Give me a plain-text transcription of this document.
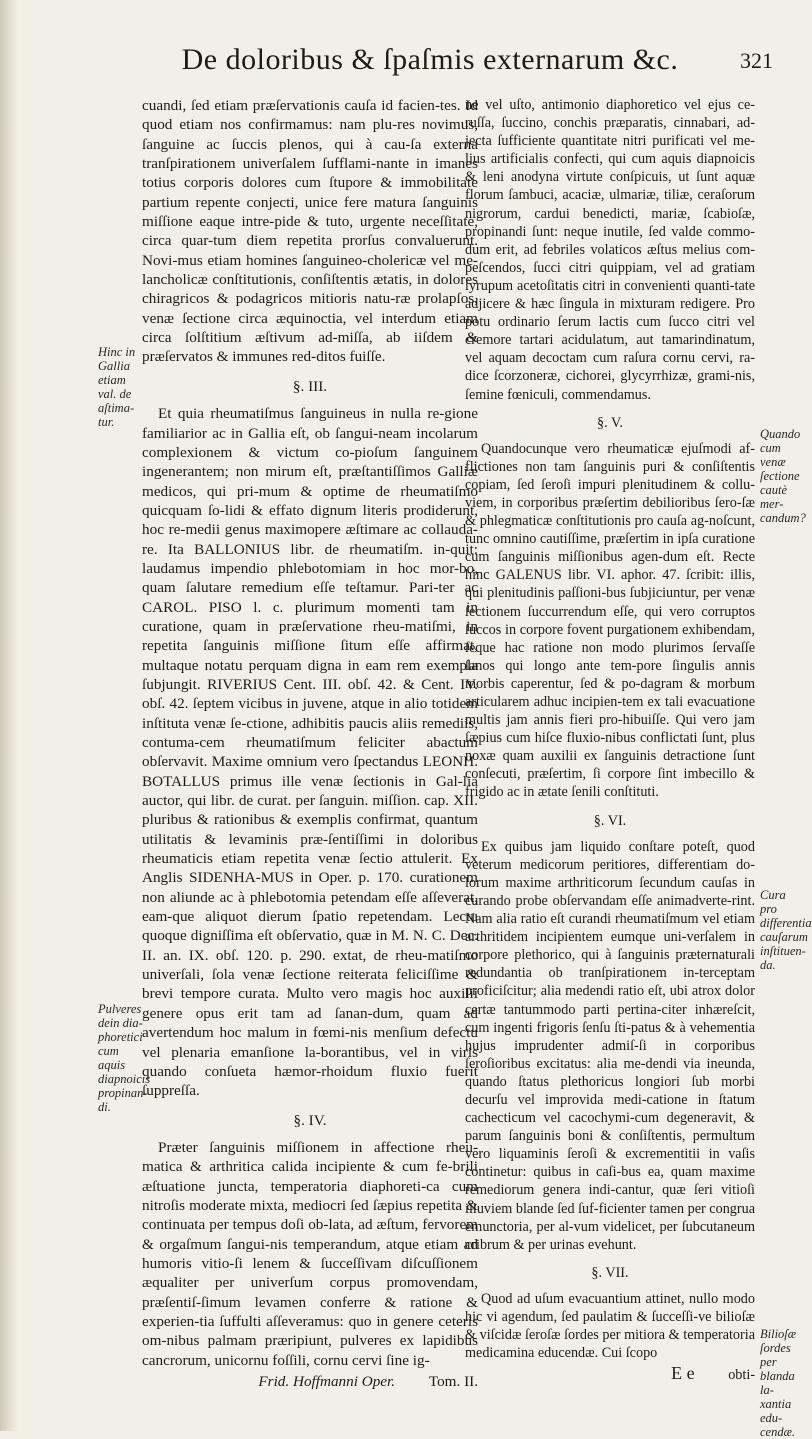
De doloribus & ſpaſmis externarum &c.	321

cuandi, ſed etiam præſervationis cauſa id facien-tes. Id quod etiam nos confirmamus: nam plu-res novimus, ſanguine ac ſuccis plenos, qui à cau-ſa externa tranſpirationem univerſalem ſufflami-nante in imanes totius corporis dolores cum ſtupore & immobilitate partium repente conjecti, unice fere matura ſanguinis miſſione eaque intre-pide & tuto, urgente neceſſitate, circa quar-tum diem repetita prorſus convaluerunt. Novi-mus etiam homines ſanguineo-cholericæ vel me-lancholicæ conſtitutionis, conſiſtentis ætatis, in dolores chiragricos & podagricos mitioris natu-ræ prolapſos, venæ ſectione circa æquinoctia, vel interdum etiam circa ſolſtitium æſtivum ad-miſſa, ab iiſdem & præſervatos & immunes red-ditos fuiſſe.

§. III.

Et quia rheumatiſmus ſanguineus in nulla re-gione familiarior ac in Gallia eſt, ob ſangui-neam incolarum complexionem & victum co-pioſum ſanguinem ingenerantem; non mirum eſt, præſtantiſſimos Galliæ medicos, qui pri-mum & optime de rheumatiſmo quicquam ſo-lidi & effato dignum literis prodiderunt, hoc re-medii genus maximopere æſtimare ac collauda-re. Ita BALLONIUS libr. de rheumatiſm. in-quit: laudamus impendio phlebotomiam in hoc mor-bo, quam ſalutare remedium eſſe teſtamur. Pari-ter ac CAROL. PISO l. c. plurimum momenti tam in curatione, quam in præſervatione rheu-matiſmi, in repetita ſanguinis miſſione ſitum eſſe affirmat, multaque notatu perquam digna in eam rem exempla ſubjungit. RIVERIUS Cent. III. obſ. 42. & Cent. IV. obſ. 42. ſeptem vicibus in juvene, atque in alio totidem inſtituta venæ ſe-ctione, adhibitis paucis aliis remediis, contuma-cem rheumatiſmum feliciter abactum obſervavit. Maxime omnium vero ſpectandus LEONH. BOTALLUS primus ille venæ ſectionis in Gal-lia auctor, qui libr. de curat. per ſanguin. miſſion. cap. XII. pluribus & rationibus & exemplis confirmat, quantum utilitatis & levaminis præ-ſentiſſimi in doloribus rheumaticis etiam repetita venæ ſectio attulerit. Ex Anglis SIDENHA-MUS in Oper. p. 170. curationem non aliunde ac à phlebotomia petendam eſſe aſſeverat, eam-que aliquot dierum ſpatio repetendam. Lectu quoque digniſſima eſt obſervatio, quæ in M. N. C. Dec. II. an. IX. obſ. 120. p. 290. extat, de rheu-matiſmo univerſali, ſola venæ ſectione reiterata feliciſſime & brevi tempore curata. Multo vero magis hoc auxilii genere opus erit tam ad ſanan-dum, quam ad avertendum hoc malum in fœmi-nis menſium defectu vel plenaria emanſione la-borantibus, vel in viris quando conſueta hæmor-rhoidum fluxio fuerit ſuppreſſa.

§. IV.

Præter ſanguinis miſſionem in affectione rheu-matica & arthritica calida incipiente & cum fe-brili æſtuatione juncta, temperatoria diaphoreti-ca cum nitroſis moderate mixta, mediocri ſed ſæpius repetita & continuata per tempus doſi ob-lata, ad æſtum, fervorem & orgaſmum ſangui-nis temperandum, atque etiam ad humoris vitio-ſi lenem & ſucceſſivam diſcuſſionem æqualiter per univerſum corpus promovendam, præſentiſ-ſimum levamen conferre & ratione & experien-tia ſuffulti aſſeveramus: quo in genere ceteris om-nibus palmam præripiunt, pulveres ex lapidibus cancrorum, unicornu foſſili, cornu cervi ſine ig-

Frid. Hoffmanni Oper. Tom. II.

ne vel uſto, antimonio diaphoretico vel ejus ce-ruſſa, ſuccino, conchis præparatis, cinnabari, ad-jecta ſufficiente quantitate nitri purificati vel me-lius artificialis confecti, qui cum aquis diapnoicis & leni anodyna virtute conſpicuis, ut ſunt aquæ florum ſambuci, acaciæ, ulmariæ, tiliæ, ceraſorum nigrorum, cardui benedicti, mariæ, ſcabioſæ, propinandi ſunt: neque inutile, ſed valde commo-dum erit, ad febriles volaticos æſtus melius com-peſcendos, ſucci citri quippiam, vel ad gratiam ſyrupum acetoſitatis citri in convenienti quanti-tate adjicere & hæc ſingula in mixturam redigere. Pro potu ordinario ſerum lactis cum ſucco citri vel cremore tartari acidulatum, aut tamarindinatum, vel aquam decoctam cum raſura cornu cervi, ra-dice ſcorzoneræ, cichorei, glycyrrhizæ, grami-nis, ſemine fœniculi, commendamus.

§. V.

Quandocunque vero rheumaticæ ejuſmodi af-flictiones non tam ſanguinis puri & conſiſtentis copiam, ſed ſeroſi impuri plenitudinem & collu-viem, in corporibus præſertim debilioribus ſero-ſæ & phlegmaticæ conſtitutionis pro cauſa ag-noſcunt, tunc omnino cautiſſime, præſertim in ipſa curatione cum ſanguinis miſſionibus agen-dum eſt. Recte hinc GALENUS libr. VI. aphor. 47. ſcribit: illis, qui plenitudinis paſſioni-bus ſubjiciuntur, per venæ ſectionem ſuccurrendum eſſe, qui vero corruptos ſuccos in corpore fovent purgationem exhibendam, ſeque hac ratione non modo plurimos ſervaſſe ſanos qui longo ante tem-pore ſingulis annis morbis caperentur, ſed & po-dagram & morbum articularem adhuc incipien-tem ex tali evacuatione multis jam annis fieri pro-hibuiſſe. Qui vero jam ſæpius cum hiſce fluxio-nibus conflictati ſunt, plus noxæ quam auxilii ex ſanguinis detractione ſunt conſecuti, præſertim, ſi corpore ſint imbecillo & frigido ac in ætate ſenili conſtituti.

§. VI.

Ex quibus jam liquido conſtare poteſt, quod veterum medicorum peritiores, differentiam do-lorum maxime arthriticorum ſecundum cauſas in curando probe obſervandam eſſe animadverte-rint. Nam alia ratio eſt curandi rheumatiſmum vel etiam arthritidem incipientem eumque uni-verſalem in corpore plethorico, qui à ſanguinis præternaturali redundantia ob tranſpirationem in-terceptam proficiſcitur; alia medendi ratio eſt, ubi atrox dolor certæ tantummodo parti pertina-citer inhæreſcit, cum ingenti frigoris ſenſu ſti-patus & à vehementia hujus imprudenter admiſ-ſi in corporibus ſeroſioribus excitatus: alia me-dendi via ineunda, quando ſtatus plethoricus longiori ſub morbi decurſu vel improvida medi-catione in ſtatum cachecticum vel cacochymi-cum degeneravit, & parum ſanguinis boni & conſiſtentis, permultum vero liquaminis ſeroſi & excrementitii in vaſis continetur: quibus in caſi-bus ea, quam maxime remediorum genera indi-cantur, quæ ſeri vitioſi illuviem blande ſed ſuf-ficienter tamen per congrua emunctoria, per al-vum videlicet, per ſubcutaneum cribrum & per urinas evehunt.

§. VII.

Quod ad uſum evacuantium attinet, nullo modo hic vi agendum, ſed paulatim & ſucceſſi-ve bilioſæ & viſcidæ ſeroſæ ſordes per mitiora & temperatoria medicamina educendæ. Cui ſcopo

E e obti-

Hinc in Gallia etiam val. de aſtima-tur.
Pulveres dein dia-phoretici cum aquis diapnoicis propinan-di.
Quando cum venæ ſectione cautè mer-candum?
Cura pro differentia cauſarum inſtituen-da.
Bilioſæ ſordes per blanda la-xantia edu-cendæ.
